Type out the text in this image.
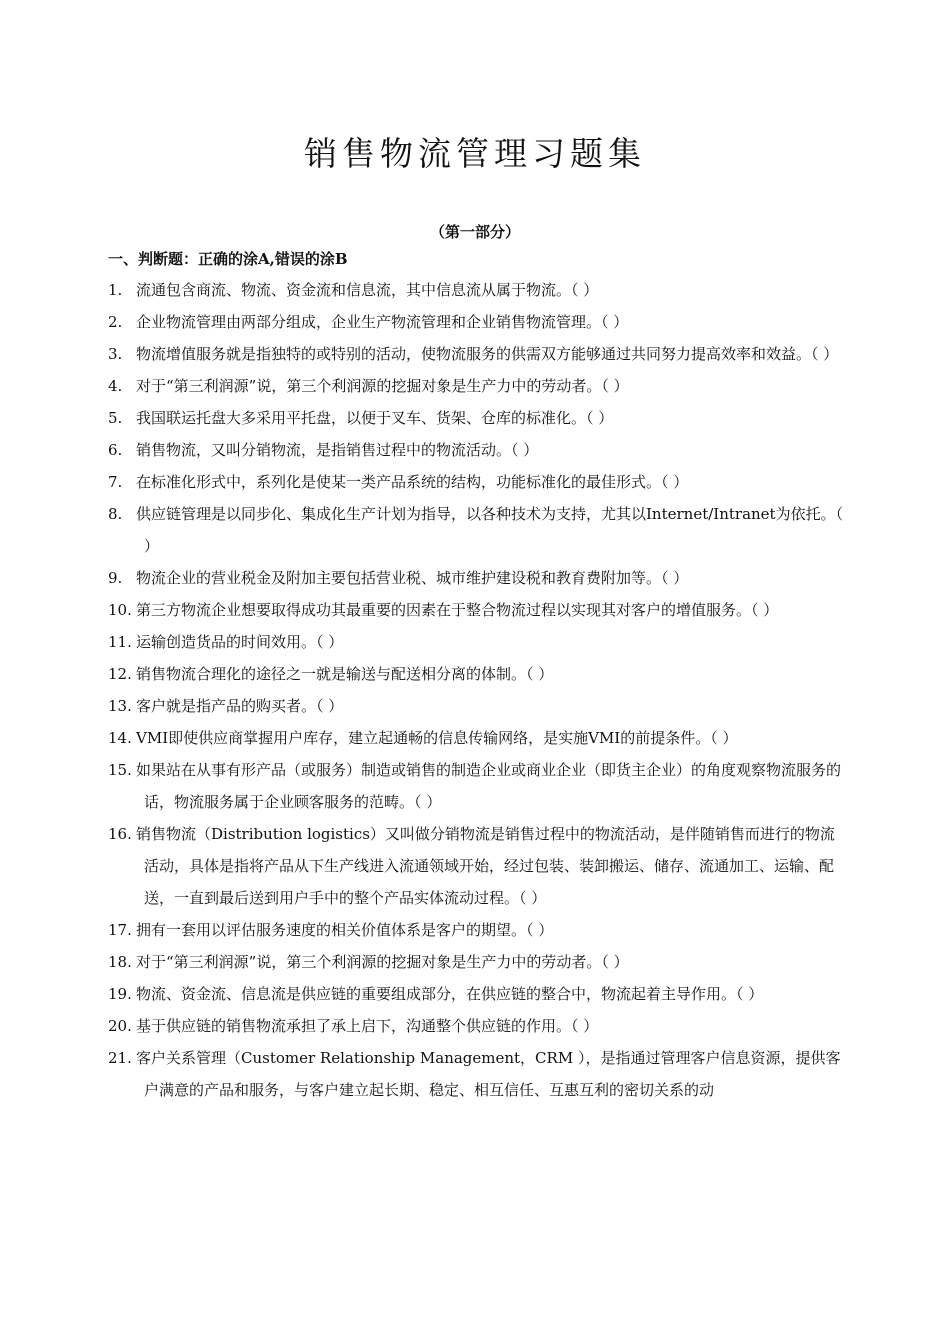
销售物流管理习题集
（第一部分）
一、判断题：正确的涂A,错误的涂B
1. 流通包含商流、物流、资金流和信息流，其中信息流从属于物流。（ ）
2. 企业物流管理由两部分组成，企业生产物流管理和企业销售物流管理。（ ）
3. 物流增值服务就是指独特的或特别的活动，使物流服务的供需双方能够通过共同努力提高效率和效益。（ ）
4. 对于“第三利润源”说，第三个利润源的挖掘对象是生产力中的劳动者。（ ）
5. 我国联运托盘大多采用平托盘，以便于叉车、货架、仓库的标准化。（ ）
6. 销售物流，又叫分销物流，是指销售过程中的物流活动。（ ）
7. 在标准化形式中，系列化是使某一类产品系统的结构，功能标准化的最佳形式。（ ）
8. 供应链管理是以同步化、集成化生产计划为指导，以各种技术为支持，尤其以Internet/Intranet为依托。（ ）
9. 物流企业的营业税金及附加主要包括营业税、城市维护建设税和教育费附加等。（ ）
10. 第三方物流企业想要取得成功其最重要的因素在于整合物流过程以实现其对客户的增值服务。（ ）
11. 运输创造货品的时间效用。（ ）
12. 销售物流合理化的途径之一就是输送与配送相分离的体制。（ ）
13. 客户就是指产品的购买者。（ ）
14. VMI即使供应商掌握用户库存，建立起通畅的信息传输网络，是实施VMI的前提条件。（ ）
15. 如果站在从事有形产品（或服务）制造或销售的制造企业或商业企业（即货主企业）的角度观察物流服务的话，物流服务属于企业顾客服务的范畴。（ ）
16. 销售物流（Distribution logistics）又叫做分销物流是销售过程中的物流活动，是伴随销售而进行的物流活动，具体是指将产品从下生产线进入流通领域开始，经过包装、装卸搬运、储存、流通加工、运输、配送，一直到最后送到用户手中的整个产品实体流动过程。（ ）
17. 拥有一套用以评估服务速度的相关价值体系是客户的期望。（ ）
18. 对于“第三利润源”说，第三个利润源的挖掘对象是生产力中的劳动者。（ ）
19. 物流、资金流、信息流是供应链的重要组成部分，在供应链的整合中，物流起着主导作用。（ ）
20. 基于供应链的销售物流承担了承上启下，沟通整个供应链的作用。（ ）
21. 客户关系管理（Customer Relationship Management，CRM ），是指通过管理客户信息资源，提供客户满意的产品和服务，与客户建立起长期、稳定、相互信任、互惠互利的密切关系的动
